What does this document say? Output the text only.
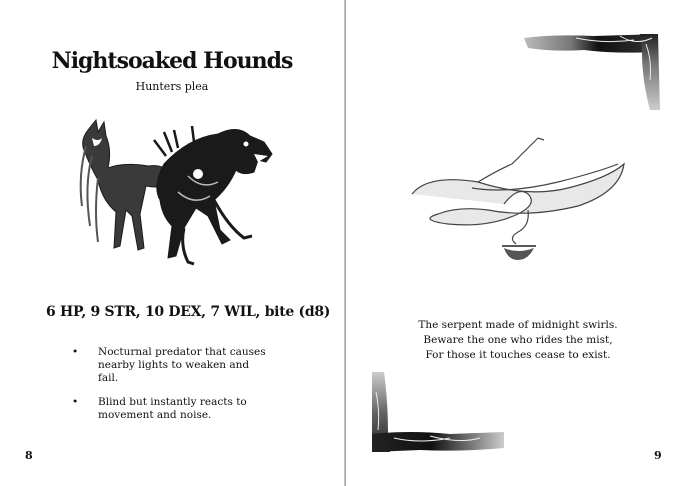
Nightsoaked Hounds
Hunters plea
6 HP, 9 STR, 10 DEX, 7 WIL, bite (d8)
• Nocturnal predator that causes nearby lights to weaken and fail.
• Blind but instantly reacts to movement and noise.
8
The serpent made of midnight swirls.
Beware the one who rides the mist,
For those it touches cease to exist.
9
